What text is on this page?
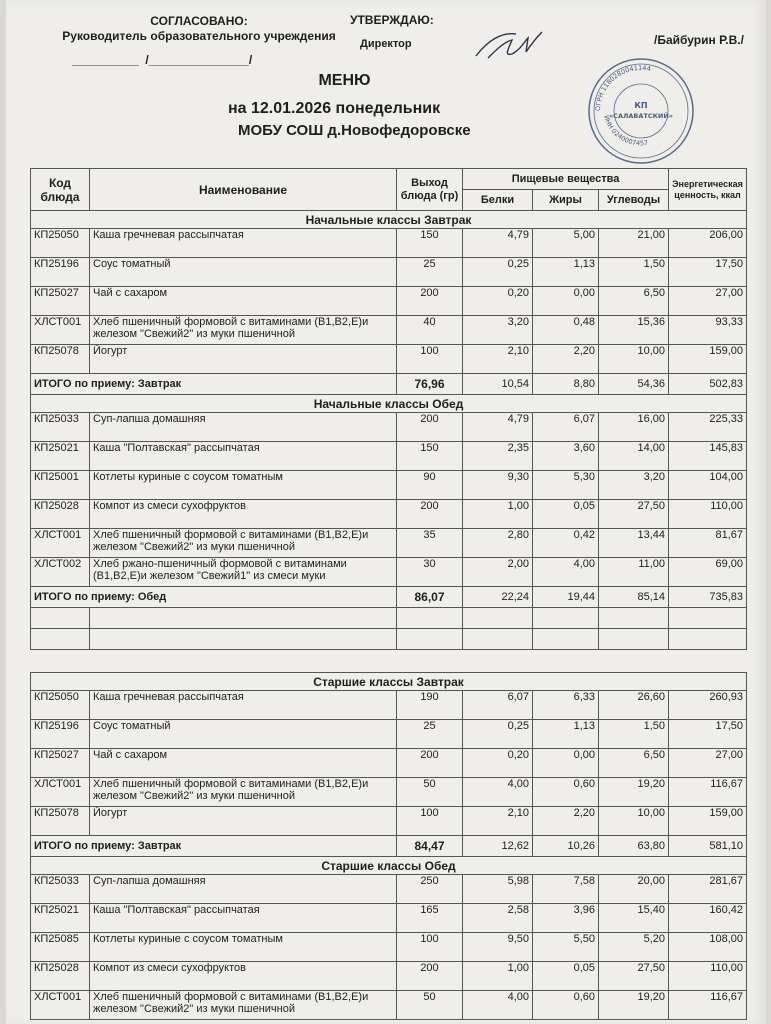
СОГЛАСОВАНО:
Руководитель образовательного учреждения
__________  /_______________/
УТВЕРЖДАЮ:
Директор	/Байбурин Р.В./
ОГРН 1180280041144
ИНН 0240007457
КП
«САЛАВАТСКИЙ»
МЕНЮ
на 12.01.2026 понедельник
МОБУ СОШ д.Новофедоровске
Код блюда	Наименование	Выход блюда (гр)	Пищевые вещества			Энергетическая ценность, ккал
			Белки	Жиры	Углеводы	
Начальные классы Завтрак						
КП25050	Каша гречневая рассыпчатая	150	4,79	5,00	21,00	206,00
КП25196	Соус томатный	25	0,25	1,13	1,50	17,50
КП25027	Чай с сахаром	200	0,20	0,00	6,50	27,00
ХЛСТ001	Хлеб пшеничный формовой с витаминами (В1,В2,Е)и железом "Свежий2" из муки пшеничной	40	3,20	0,48	15,36	93,33
КП25078	Йогурт	100	2,10	2,20	10,00	159,00
ИТОГО по приему: Завтрак		76,96	10,54	8,80	54,36	502,83
Начальные классы Обед						
КП25033	Суп-лапша домашняя	200	4,79	6,07	16,00	225,33
КП25021	Каша "Полтавская" рассыпчатая	150	2,35	3,60	14,00	145,83
КП25001	Котлеты куриные с соусом томатным	90	9,30	5,30	3,20	104,00
КП25028	Компот из смеси сухофруктов	200	1,00	0,05	27,50	110,00
ХЛСТ001	Хлеб пшеничный формовой с витаминами (В1,В2,Е)и железом "Свежий2" из муки пшеничной	35	2,80	0,42	13,44	81,67
ХЛСТ002	Хлеб ржано-пшеничный формовой с витаминами (В1,В2,Е)и железом "Свежий1" из смеси муки	30	2,00	4,00	11,00	69,00
ИТОГО по приему: Обед		86,07	22,24	19,44	85,14	735,83

Старшие классы Завтрак						
КП25050	Каша гречневая рассыпчатая	190	6,07	6,33	26,60	260,93
КП25196	Соус томатный	25	0,25	1,13	1,50	17,50
КП25027	Чай с сахаром	200	0,20	0,00	6,50	27,00
ХЛСТ001	Хлеб пшеничный формовой с витаминами (В1,В2,Е)и железом "Свежий2" из муки пшеничной	50	4,00	0,60	19,20	116,67
КП25078	Йогурт	100	2,10	2,20	10,00	159,00
ИТОГО по приему: Завтрак		84,47	12,62	10,26	63,80	581,10
Старшие классы Обед						
КП25033	Суп-лапша домашняя	250	5,98	7,58	20,00	281,67
КП25021	Каша "Полтавская" рассыпчатая	165	2,58	3,96	15,40	160,42
КП25085	Котлеты куриные с соусом томатным	100	9,50	5,50	5,20	108,00
КП25028	Компот из смеси сухофруктов	200	1,00	0,05	27,50	110,00
ХЛСТ001	Хлеб пшеничный формовой с витаминами (В1,В2,Е)и железом "Свежий2" из муки пшеничной	50	4,00	0,60	19,20	116,67
